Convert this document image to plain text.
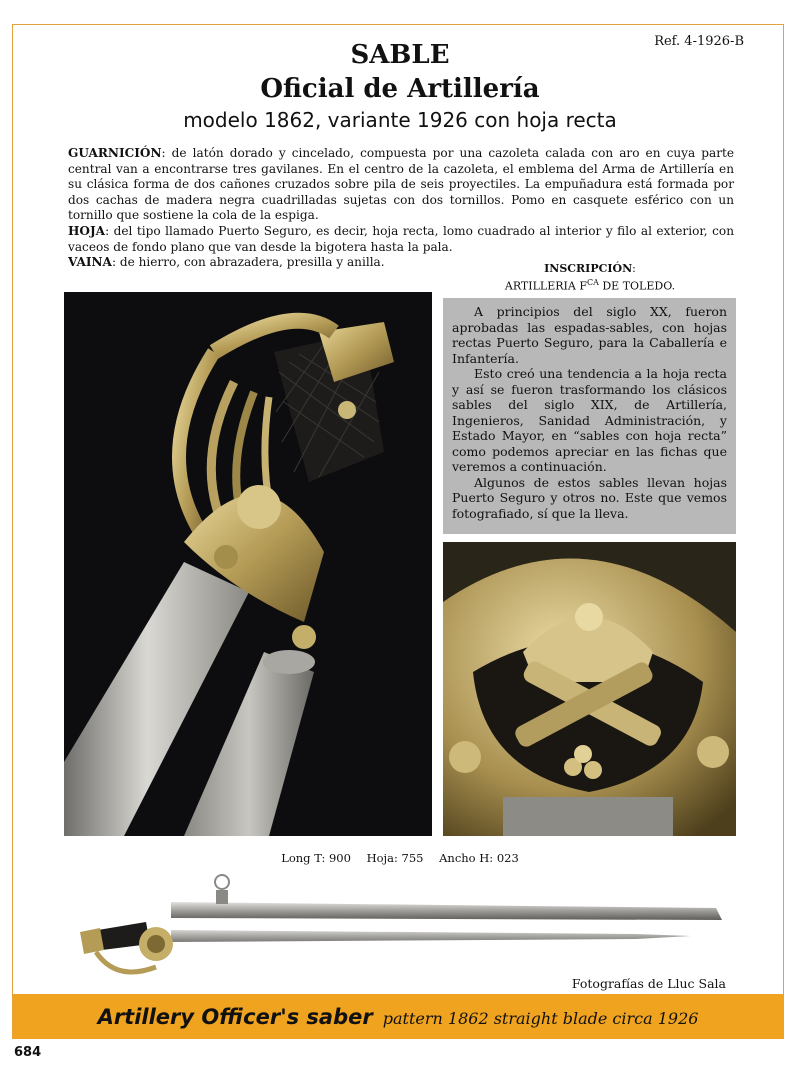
Ref. 4-1926-B
SABLE
Oficial de Artillería
modelo 1862, variante 1926 con hoja recta

GUARNICIÓN: de latón dorado y cincelado, compuesta por una cazoleta calada con aro en cuya parte central van a encontrarse tres gavilanes. En el centro de la cazoleta, el emblema del Arma de Artillería en su clásica forma de dos cañones cruzados sobre pila de seis proyectiles. La empuñadura está formada por dos cachas de madera negra cuadrilladas sujetas con dos tornillos. Pomo en casquete esférico con un tornillo que sostiene la cola de la espiga.

HOJA: del tipo llamado Puerto Seguro, es decir, hoja recta, lomo cuadrado al interior y filo al exterior, con vaceos de fondo plano que van desde la bigotera hasta la pala.

VAINA: de hierro, con abrazadera, presilla y anilla.	INSCRIPCIÓN:
ARTILLERIA $F^{CA}$ DE TOLEDO.

A principios del siglo XX, fueron aprobadas las espadas-sables, con hojas rectas Puerto Seguro, para la Caballería e Infantería.

Esto creó una tendencia a la hoja recta y así se fueron trasformando los clásicos sables del siglo XIX, de Artillería, Ingenieros, Sanidad Administración, y Estado Mayor, en “sables con hoja recta” como podemos apreciar en las fichas que veremos a continuación.

Algunos de estos sables llevan hojas Puerto Seguro y otros no. Este que vemos fotografiado, sí que la lleva.

Long T: 900 Hoja: 755 Ancho H: 023
Fotografías de Lluc Sala
Artillery Officer's saber pattern 1862 straight blade circa 1926
684
